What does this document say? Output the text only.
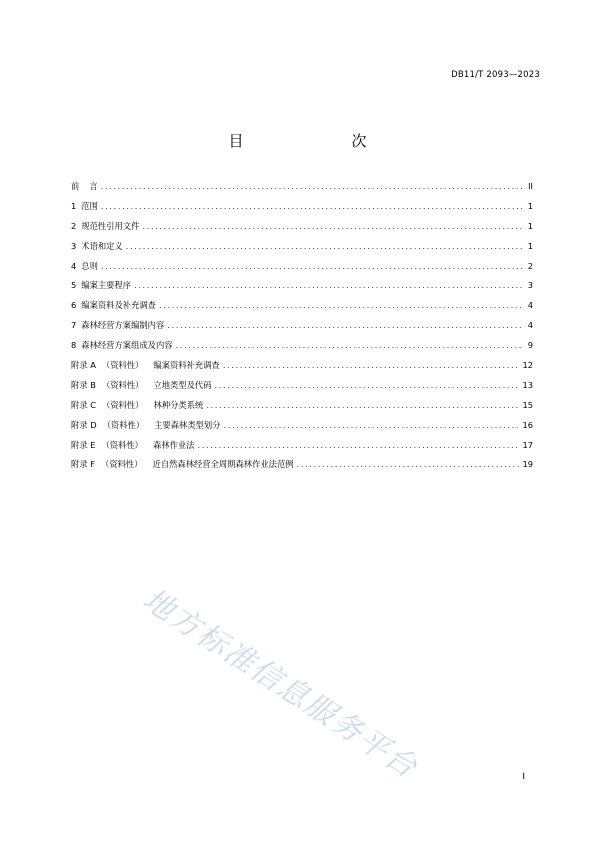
DB11/T 2093—2023
目　　次
前 言 .....	II
1 范围 .....	1
2 规范性引用文件 .....	1
3 术语和定义 .....	1
4 总则 .....	2
5 编案主要程序 .....	3
6 编案资料及补充调查 .....	4
7 森林经营方案编制内容 .....	4
8 森林经营方案组成及内容 .....	9
附录 A （资料性） 编案资料补充调查 .....	12
附录 B （资料性） 立地类型及代码 .....	13
附录 C （资料性） 林种分类系统 .....	15
附录 D （资料性） 主要森林类型划分 .....	16
附录 E （资料性） 森林作业法 .....	17
附录 F （资料性） 近自然森林经营全周期森林作业法范例 .....	19
地方标准信息服务平台	I
